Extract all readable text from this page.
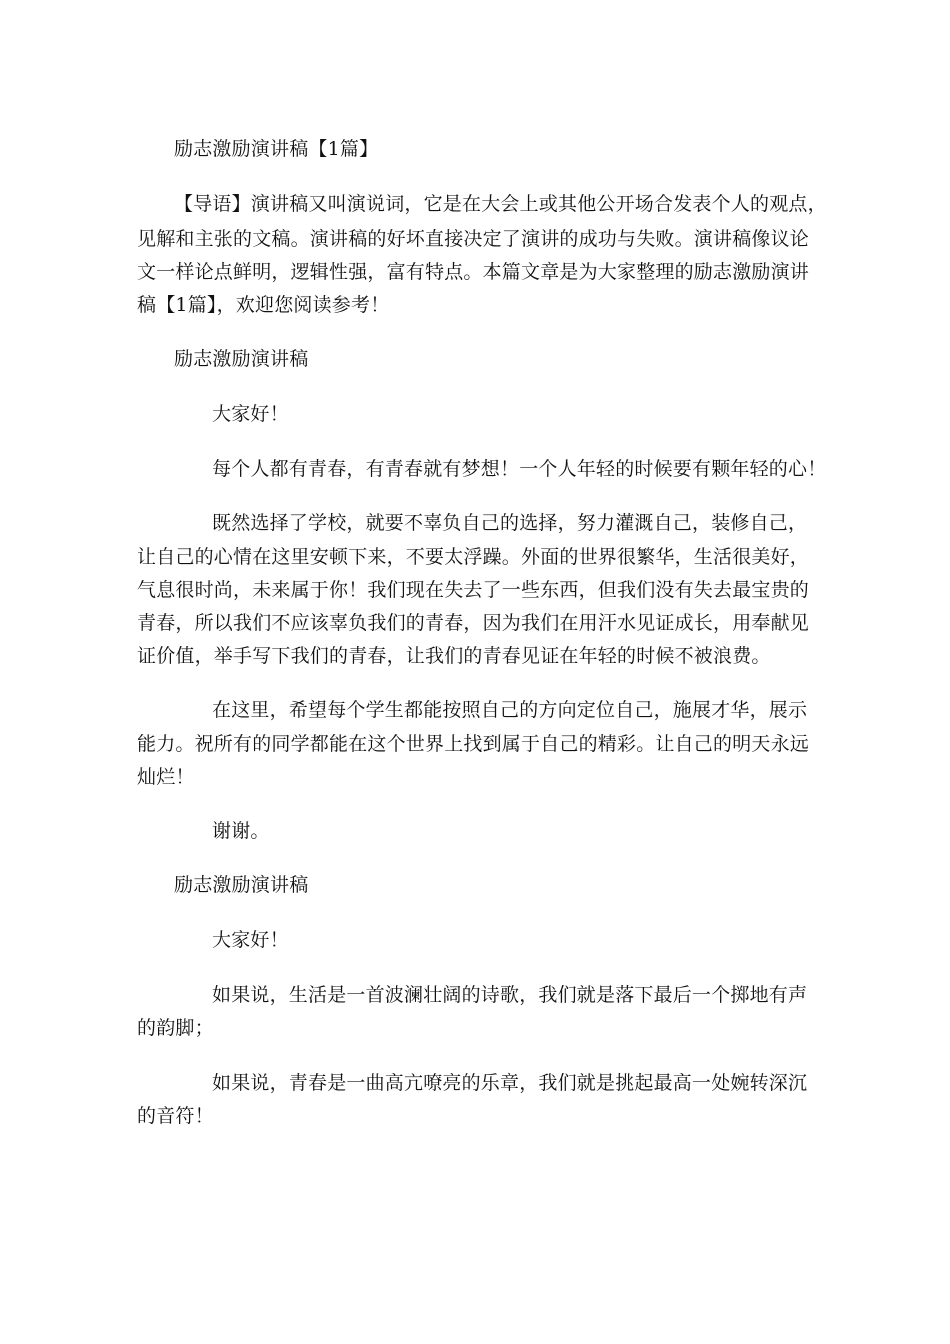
励志激励演讲稿【1篇】
【导语】演讲稿又叫演说词，它是在大会上或其他公开场合发表个人的观点，
见解和主张的文稿。演讲稿的好坏直接决定了演讲的成功与失败。演讲稿像议论
文一样论点鲜明，逻辑性强，富有特点。本篇文章是为大家整理的励志激励演讲
稿【1篇】，欢迎您阅读参考！
励志激励演讲稿
大家好！
每个人都有青春，有青春就有梦想！一个人年轻的时候要有颗年轻的心！
既然选择了学校，就要不辜负自己的选择，努力灌溉自己，装修自己，
让自己的心情在这里安顿下来，不要太浮躁。外面的世界很繁华，生活很美好，
气息很时尚，未来属于你！我们现在失去了一些东西，但我们没有失去最宝贵的
青春，所以我们不应该辜负我们的青春，因为我们在用汗水见证成长，用奉献见
证价值，举手写下我们的青春，让我们的青春见证在年轻的时候不被浪费。
在这里，希望每个学生都能按照自己的方向定位自己，施展才华，展示
能力。祝所有的同学都能在这个世界上找到属于自己的精彩。让自己的明天永远
灿烂！
谢谢。
励志激励演讲稿
大家好！
如果说，生活是一首波澜壮阔的诗歌，我们就是落下最后一个掷地有声
的韵脚；
如果说，青春是一曲高亢嘹亮的乐章，我们就是挑起最高一处婉转深沉
的音符！
